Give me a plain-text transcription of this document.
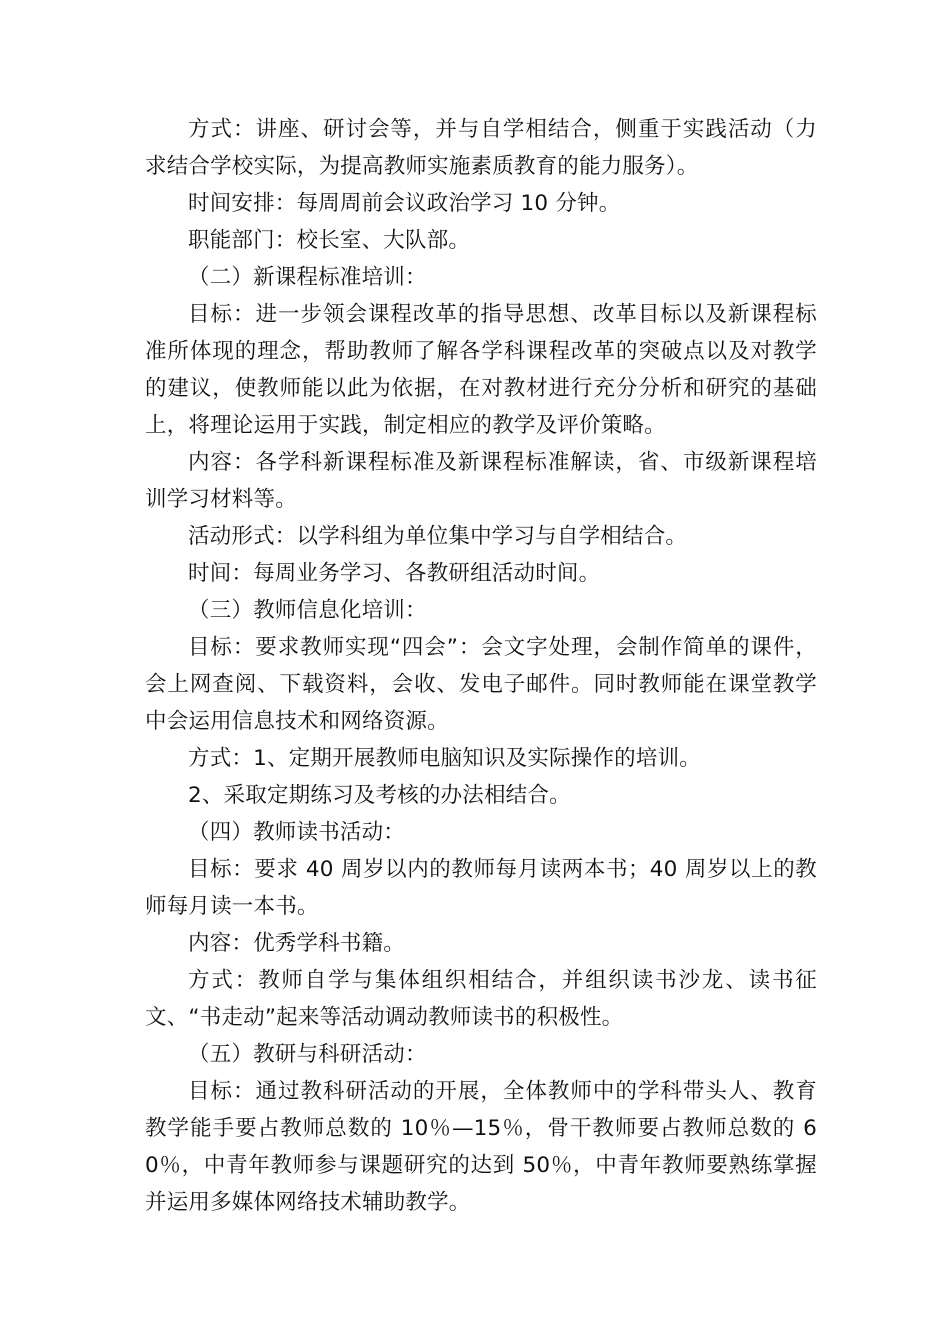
方式：讲座、研讨会等，并与自学相结合，侧重于实践活动（力求结合学校实际，为提高教师实施素质教育的能力服务）。

时间安排：每周周前会议政治学习 10 分钟。

职能部门：校长室、大队部。

（二）新课程标准培训：

目标：进一步领会课程改革的指导思想、改革目标以及新课程标准所体现的理念，帮助教师了解各学科课程改革的突破点以及对教学的建议，使教师能以此为依据，在对教材进行充分分析和研究的基础上，将理论运用于实践，制定相应的教学及评价策略。

内容：各学科新课程标准及新课程标准解读，省、市级新课程培训学习材料等。

活动形式：以学科组为单位集中学习与自学相结合。

时间：每周业务学习、各教研组活动时间。

（三）教师信息化培训：

目标：要求教师实现“四会”：会文字处理，会制作简单的课件，会上网查阅、下载资料，会收、发电子邮件。同时教师能在课堂教学中会运用信息技术和网络资源。

方式：1、定期开展教师电脑知识及实际操作的培训。

2、采取定期练习及考核的办法相结合。

（四）教师读书活动：

目标：要求 40 周岁以内的教师每月读两本书；40 周岁以上的教师每月读一本书。

内容：优秀学科书籍。

方式：教师自学与集体组织相结合，并组织读书沙龙、读书征文、“书走动”起来等活动调动教师读书的积极性。

（五）教研与科研活动：

目标：通过教科研活动的开展，全体教师中的学科带头人、教育教学能手要占教师总数的 10％—15％，骨干教师要占教师总数的 60％，中青年教师参与课题研究的达到 50％，中青年教师要熟练掌握并运用多媒体网络技术辅助教学。
